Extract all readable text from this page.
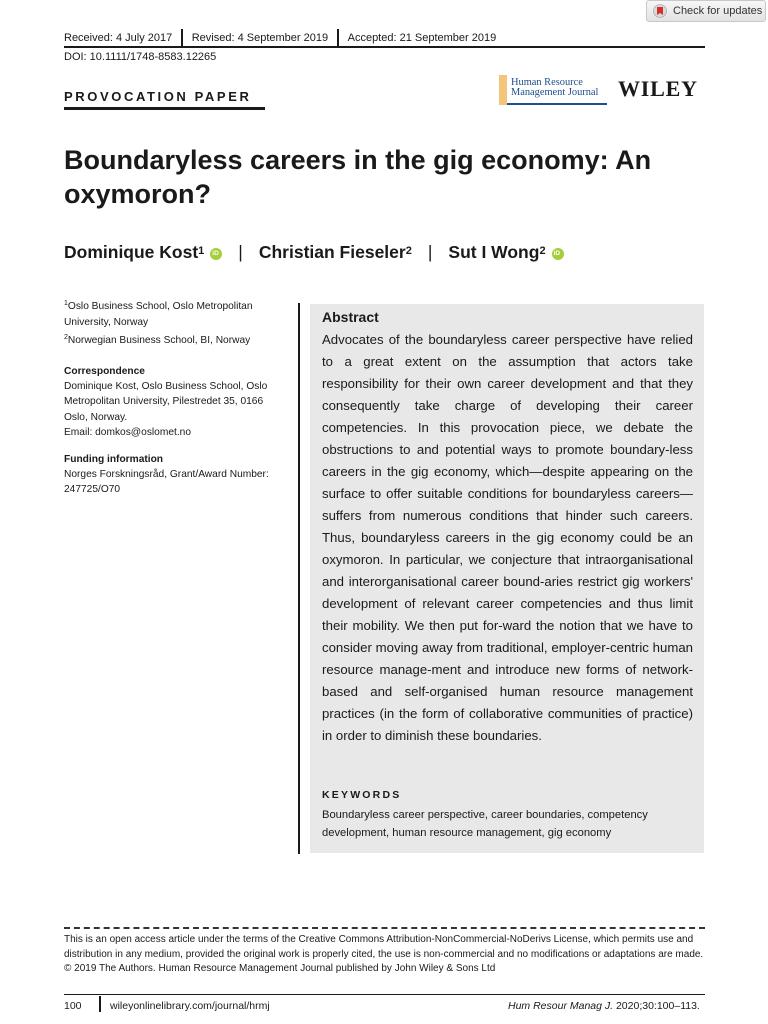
Check for updates
Received: 4 July 2017 Revised: 4 September 2019 Accepted: 21 September 2019
DOI: 10.1111/1748-8583.12265
PROVOCATION PAPER
Human Resource
Management Journal WILEY
Boundaryless careers in the gig economy: An oxymoron?
Dominique Kost$^1$
iD | Christian Fieseler$^2$ | Sut I Wong$^2$
iD
$^1$Oslo Business School, Oslo Metropolitan University, Norway
$^2$Norwegian Business School, BI, Norway
Correspondence
Dominique Kost, Oslo Business School, Oslo
Metropolitan University, Pilestredet 35, 0166
Oslo, Norway.
Email: domkos@oslomet.no
Funding information
Norges Forskningsråd, Grant/Award Number:
247725/O70
Abstract
Advocates of the boundaryless career perspective have relied to a great extent on the assumption that actors take responsibility for their own career development and that they consequently take charge of developing their career competencies. In this provocation piece, we debate the obstructions to and potential ways to promote boundary-less careers in the gig economy, which—despite appearing on the surface to offer suitable conditions for boundaryless careers—suffers from numerous conditions that hinder such careers. Thus, boundaryless careers in the gig economy could be an oxymoron. In particular, we conjecture that intraorganisational and interorganisational career bound-aries restrict gig workers' development of relevant career competencies and thus limit their mobility. We then put for-ward the notion that we have to consider moving away from traditional, employer-centric human resource manage-ment and introduce new forms of network-based and self-organised human resource management practices (in the form of collaborative communities of practice) in order to diminish these boundaries.
KEYWORDS
Boundaryless career perspective, career boundaries, competency development, human resource management, gig economy
This is an open access article under the terms of the Creative Commons Attribution-NonCommercial-NoDerivs License, which permits use and distribution in any medium, provided the original work is properly cited, the use is non-commercial and no modifications or adaptations are made.
© 2019 The Authors. Human Resource Management Journal published by John Wiley & Sons Ltd
100	wileyonlinelibrary.com/journal/hrmj	Hum Resour Manag J. 2020;30:100–113.
